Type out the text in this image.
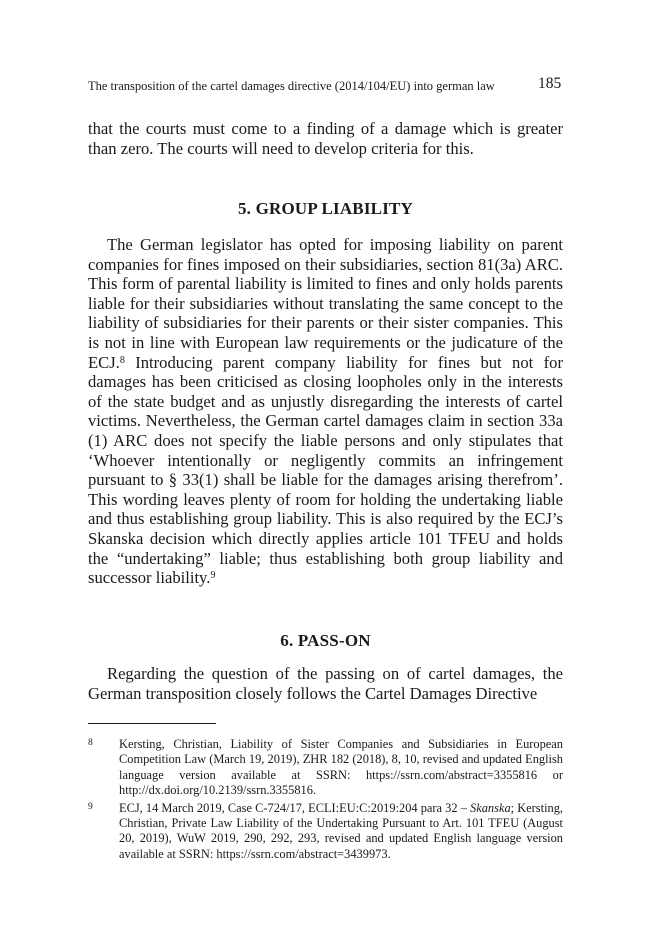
The transposition of the cartel damages directive (2014/104/EU) into german law	185

that the courts must come to a finding of a damage which is greater than zero. The courts will need to develop criteria for this.

5. GROUP LIABILITY

The German legislator has opted for imposing liability on parent companies for fines imposed on their subsidiaries, section 81(3a) ARC. This form of parental liability is limited to fines and only holds parents liable for their subsidiaries without translating the same concept to the liability of subsidiaries for their parents or their sister companies. This is not in line with European law requirements or the judicature of the ECJ.$^8$ Introducing parent company liability for fines but not for damages has been criticised as closing loopholes only in the interests of the state budget and as unjustly disregarding the interests of cartel victims. Nevertheless, the German cartel damages claim in section 33a (1) ARC does not specify the liable persons and only stipulates that ‘Whoever intentionally or negligently commits an infringement pursuant to § 33(1) shall be liable for the damages arising therefrom’. This wording leaves plenty of room for holding the undertaking liable and thus establishing group liability. This is also required by the ECJ’s Skanska decision which directly applies article 101 TFEU and holds the “undertaking” liable; thus establishing both group liability and successor liability.$^9$

6. PASS-ON

Regarding the question of the passing on of cartel damages, the German transposition closely follows the Cartel Damages Directive

8 Kersting, Christian, Liability of Sister Companies and Subsidiaries in European Competition Law (March 19, 2019), ZHR 182 (2018), 8, 10, revised and updated English language version available at SSRN: https://ssrn.com/abstract=3355816 or http://dx.doi.org/10.2139/ssrn.3355816.
9 ECJ, 14 March 2019, Case C-724/17, ECLI:EU:C:2019:204 para 32 – Skanska; Kersting, Christian, Private Law Liability of the Undertaking Pursuant to Art. 101 TFEU (August 20, 2019), WuW 2019, 290, 292, 293, revised and updated English language version available at SSRN: https://ssrn.com/abstract=3439973.
